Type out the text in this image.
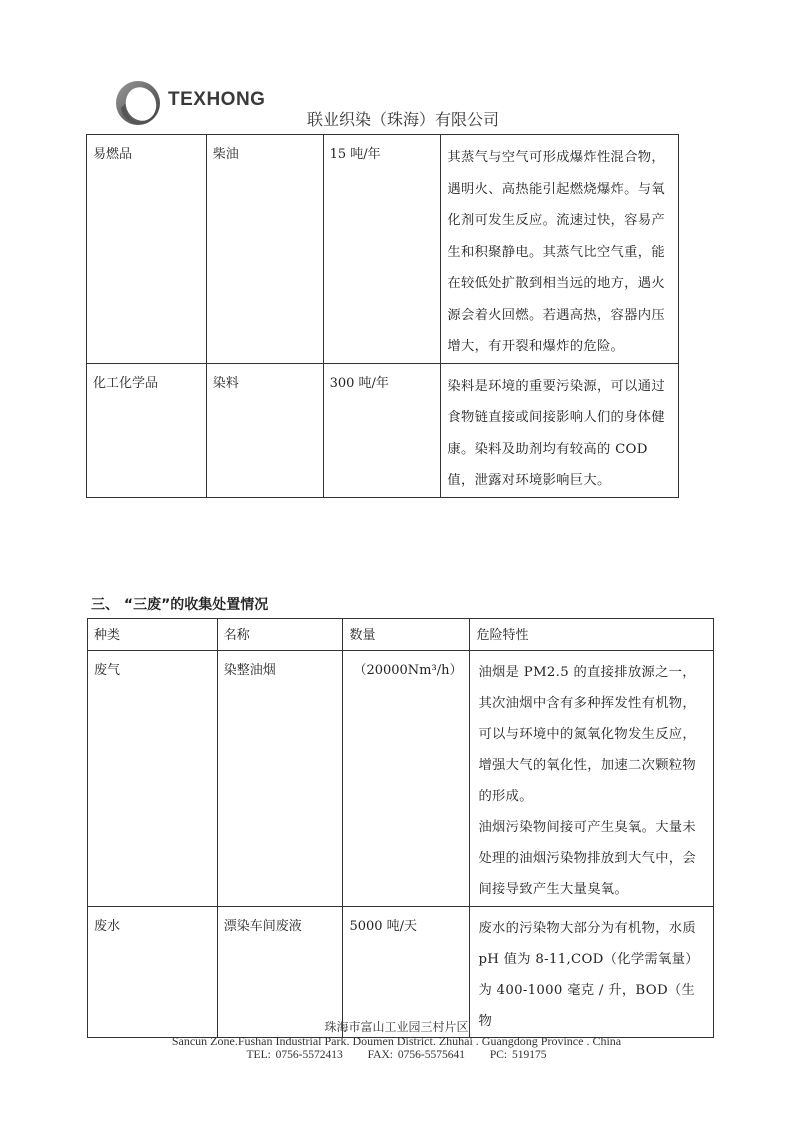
TEXHONG
联业织染（珠海）有限公司
易燃品	柴油	15 吨/年	其蒸气与空气可形成爆炸性混合物，遇明火、高热能引起燃烧爆炸。与氧化剂可发生反应。流速过快，容易产生和积聚静电。其蒸气比空气重，能在较低处扩散到相当远的地方，遇火源会着火回燃。若遇高热，容器内压增大，有开裂和爆炸的危险。

化工化学品	染料	300 吨/年	染料是环境的重要污染源，可以通过食物链直接或间接影响人们的身体健康。染料及助剂均有较高的 COD 值，泄露对环境影响巨大。
三、 “三废”的收集处置情况
种类	名称	数量	危险特性

废气	染整油烟	（20000Nm³/h）	油烟是 PM2.5 的直接排放源之一，其次油烟中含有多种挥发性有机物，可以与环境中的氮氧化物发生反应，增强大气的氧化性，加速二次颗粒物的形成。
油烟污染物间接可产生臭氧。大量未处理的油烟污染物排放到大气中，会间接导致产生大量臭氧。

废水	漂染车间废液	5000 吨/天	废水的污染物大部分为有机物，水质 pH 值为 8-11,COD（化学需氧量）为 400-1000 毫克 / 升，BOD（生物
珠海市富山工业园三村片区
Sancun Zone.Fushan Industrial Park. Doumen District. Zhuhai . Guangdong Province . China
TEL: 0756-5572413 FAX: 0756-5575641 PC: 519175
